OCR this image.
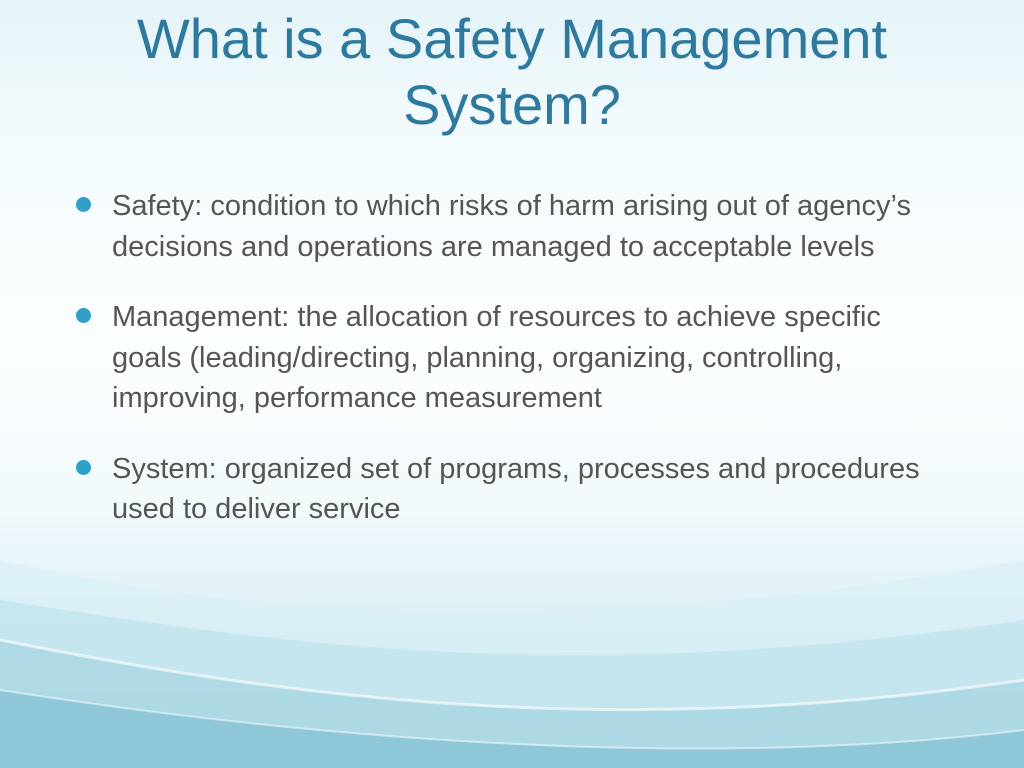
What is a Safety Management System?
Safety: condition to which risks of harm arising out of agency’s decisions and operations are managed to acceptable levels
Management: the allocation of resources to achieve specific goals (leading/directing, planning, organizing, controlling, improving, performance measurement
System: organized set of programs, processes and procedures used to deliver service
